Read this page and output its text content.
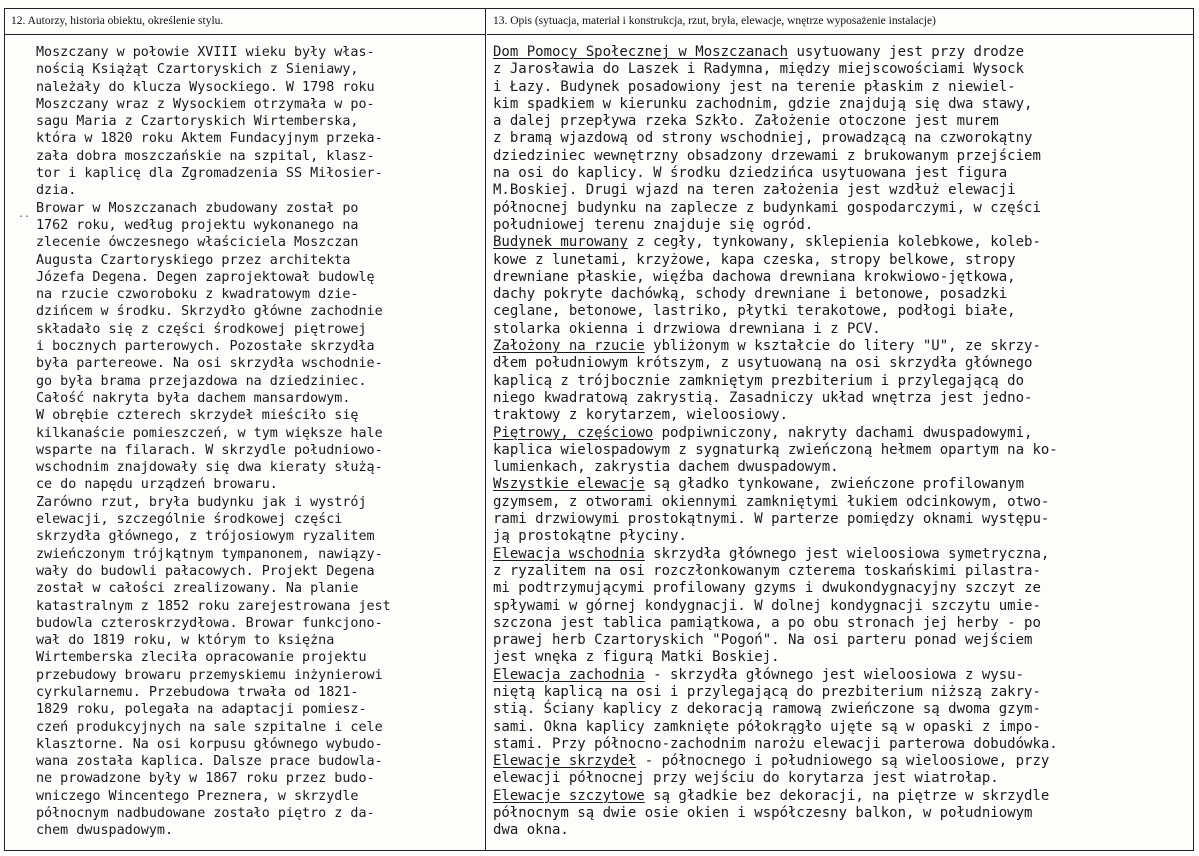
12. Autorzy, historia obiektu, określenie stylu.	13. Opis (sytuacja, materiał i konstrukcja, rzut, bryła, elewacje, wnętrze wyposażenie instalacje)
..
Moszczany w połowie XVIII wieku były włas-
nością Książąt Czartoryskich z Sieniawy,
należały do klucza Wysockiego. W 1798 roku
Moszczany wraz z Wysockiem otrzymała w po-
sagu Maria z Czartoryskich Wirtemberska,
która w 1820 roku Aktem Fundacyjnym przeka-
zała dobra moszczańskie na szpital, klasz-
tor i kaplicę dla Zgromadzenia SS Miłosier-
dzia.
Browar w Moszczanach zbudowany został po
1762 roku, według projektu wykonanego na
zlecenie ówczesnego właściciela Moszczan
Augusta Czartoryskiego przez architekta
Józefa Degena. Degen zaprojektował budowlę
na rzucie czworoboku z kwadratowym dzie-
dzińcem w środku. Skrzydło główne zachodnie
składało się z części środkowej piętrowej
i bocznych parterowych. Pozostałe skrzydła
była partereowe. Na osi skrzydła wschodnie-
go była brama przejazdowa na dziedziniec.
Całość nakryta była dachem mansardowym.
W obrębie czterech skrzydeł mieściło się
kilkanaście pomieszczeń, w tym większe hale
wsparte na filarach. W skrzydle południowo-
wschodnim znajdowały się dwa kieraty służą-
ce do napędu urządzeń browaru.
Zarówno rzut, bryła budynku jak i wystrój
elewacji, szczególnie środkowej części
skrzydła głównego, z trójosiowym ryzalitem
zwieńczonym trójkątnym tympanonem, nawiązy-
wały do budowli pałacowych. Projekt Degena
został w całości zrealizowany. Na planie
katastralnym z 1852 roku zarejestrowana jest
budowla czteroskrzydłowa. Browar funkcjono-
wał do 1819 roku, w którym to księżna
Wirtemberska zleciła opracowanie projektu
przebudowy browaru przemyskiemu inżynierowi
cyrkularnemu. Przebudowa trwała od 1821-
1829 roku, polegała na adaptacji pomiesz-
czeń produkcyjnych na sale szpitalne i cele
klasztorne. Na osi korpusu głównego wybudo-
wana została kaplica. Dalsze prace budowla-
ne prowadzone były w 1867 roku przez budo-
wniczego Wincentego Preznera, w skrzydle
północnym nadbudowane zostało piętro z da-
chem dwuspadowym.
Dom Pomocy Społecznej w Moszczanach usytuowany jest przy drodze
z Jarosławia do Laszek i Radymna, między miejscowościami Wysock
i Łazy. Budynek posadowiony jest na terenie płaskim z niewiel-
kim spadkiem w kierunku zachodnim, gdzie znajdują się dwa stawy,
a dalej przepływa rzeka Szkło. Założenie otoczone jest murem
z bramą wjazdową od strony wschodniej, prowadzącą na czworokątny
dziedziniec wewnętrzny obsadzony drzewami z brukowanym przejściem
na osi do kaplicy. W środku dziedzińca usytuowana jest figura
M.Boskiej. Drugi wjazd na teren założenia jest wzdłuż elewacji
północnej budynku na zaplecze z budynkami gospodarczymi, w części
południowej terenu znajduje się ogród.
Budynek murowany z cegły, tynkowany, sklepienia kolebkowe, koleb-
kowe z lunetami, krzyżowe, kapa czeska, stropy belkowe, stropy
drewniane płaskie, więźba dachowa drewniana krokwiowo-jętkowa,
dachy pokryte dachówką, schody drewniane i betonowe, posadzki
ceglane, betonowe, lastriko, płytki terakotowe, podłogi białe,
stolarka okienna i drzwiowa drewniana i z PCV.
Założony na rzucie ybliżonym w kształcie do litery "U", ze skrzy-
dłem południowym krótszym, z usytuowaną na osi skrzydła głównego
kaplicą z trójbocznie zamkniętym prezbiterium i przylegającą do
niego kwadratową zakrystią. Zasadniczy układ wnętrza jest jedno-
traktowy z korytarzem, wieloosiowy.
Piętrowy, częściowo podpiwniczony, nakryty dachami dwuspadowymi,
kaplica wielospadowym z sygnaturką zwieńczoną hełmem opartym na ko-
lumienkach, zakrystia dachem dwuspadowym.
Wszystkie elewacje są gładko tynkowane, zwieńczone profilowanym
gzymsem, z otworami okiennymi zamkniętymi łukiem odcinkowym, otwo-
rami drzwiowymi prostokątnymi. W parterze pomiędzy oknami występu-
ją prostokątne płyciny.
Elewacja wschodnia skrzydła głównego jest wieloosiowa symetryczna,
z ryzalitem na osi rozczłonkowanym czterema toskańskimi pilastra-
mi podtrzymującymi profilowany gzyms i dwukondygnacyjny szczyt ze
spływami w górnej kondygnacji. W dolnej kondygnacji szczytu umie-
szczona jest tablica pamiątkowa, a po obu stronach jej herby - po
prawej herb Czartoryskich "Pogoń". Na osi parteru ponad wejściem
jest wnęka z figurą Matki Boskiej.
Elewacja zachodnia - skrzydła głównego jest wieloosiowa z wysu-
niętą kaplicą na osi i przylegającą do prezbiterium niższą zakry-
stią. Ściany kaplicy z dekoracją ramową zwieńczone są dwoma gzym-
sami. Okna kaplicy zamknięte półokrągło ujęte są w opaski z impo-
stami. Przy północno-zachodnim narożu elewacji parterowa dobudówka.
Elewacje skrzydeł - północnego i południowego są wieloosiowe, przy
elewacji północnej przy wejściu do korytarza jest wiatrołap.
Elewacje szczytowe są gładkie bez dekoracji, na piętrze w skrzydle
północnym są dwie osie okien i współczesny balkon, w południowym
dwa okna.
